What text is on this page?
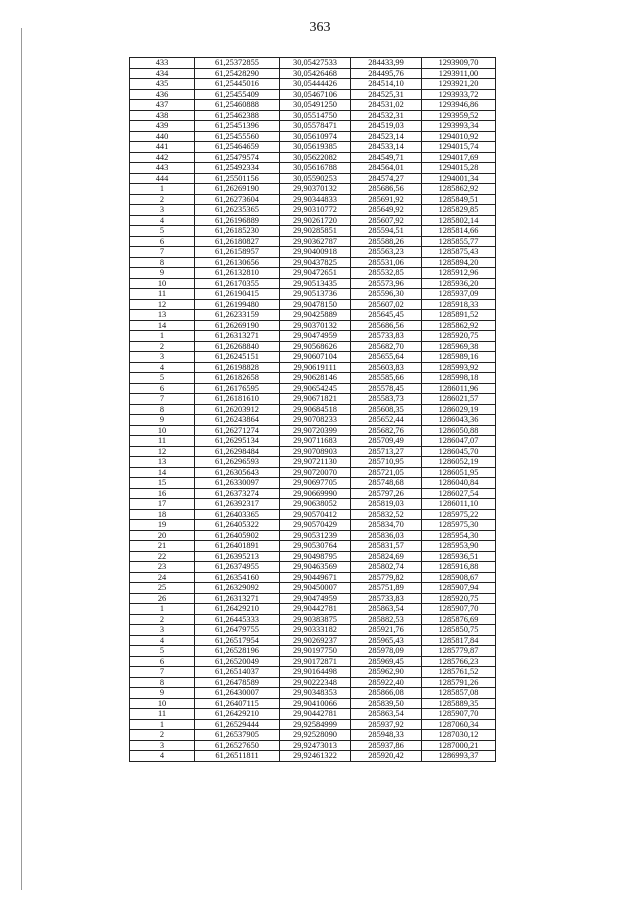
363
433	61,25372855	30,05427533	284433,99	1293909,70
434	61,25428290	30,05426468	284495,76	1293911,00
435	61,25445016	30,05444426	284514,10	1293921,20
436	61,25455409	30,05467106	284525,31	1293933,72
437	61,25460888	30,05491250	284531,02	1293946,86
438	61,25462388	30,05514750	284532,31	1293959,52
439	61,25451396	30,05578471	284519,03	1293993,34
440	61,25455560	30,05610974	284523,14	1294010,92
441	61,25464659	30,05619385	284533,14	1294015,74
442	61,25479574	30,05622082	284549,71	1294017,69
443	61,25492334	30,05616788	284564,01	1294015,28
444	61,25501156	30,05590253	284574,27	1294001,34
1	61,26269190	29,90370132	285686,56	1285862,92
2	61,26273604	29,90344833	285691,92	1285849,51
3	61,26235365	29,90310772	285649,92	1285829,85
4	61,26196889	29,90261720	285607,92	1285802,14
5	61,26185230	29,90285851	285594,51	1285814,66
6	61,26180827	29,90362787	285588,26	1285855,77
7	61,26158957	29,90400918	285563,23	1285875,43
8	61,26130656	29,90437825	285531,06	1285894,20
9	61,26132810	29,90472651	285532,85	1285912,96
10	61,26170355	29,90513435	285573,96	1285936,20
11	61,26190415	29,90513736	285596,30	1285937,09
12	61,26199480	29,90478150	285607,02	1285918,33
13	61,26233159	29,90425889	285645,45	1285891,52
14	61,26269190	29,90370132	285686,56	1285862,92
1	61,26313271	29,90474959	285733,83	1285920,75
2	61,26268840	29,90568626	285682,70	1285969,38
3	61,26245151	29,90607104	285655,64	1285989,16
4	61,26198828	29,90619111	285603,83	1285993,92
5	61,26182658	29,90628146	285585,66	1285998,18
6	61,26176595	29,90654245	285578,45	1286011,96
7	61,26181610	29,90671821	285583,73	1286021,57
8	61,26203912	29,90684518	285608,35	1286029,19
9	61,26243864	29,90708233	285652,44	1286043,36
10	61,26271274	29,90720399	285682,76	1286050,88
11	61,26295134	29,90711683	285709,49	1286047,07
12	61,26298484	29,90708903	285713,27	1286045,70
13	61,26296593	29,90721130	285710,95	1286052,19
14	61,26305643	29,90720070	285721,05	1286051,95
15	61,26330097	29,90697705	285748,68	1286040,84
16	61,26373274	29,90669990	285797,26	1286027,54
17	61,26392317	29,90638052	285819,03	1286011,10
18	61,26403365	29,90570412	285832,52	1285975,22
19	61,26405322	29,90570429	285834,70	1285975,30
20	61,26405902	29,90531239	285836,03	1285954,30
21	61,26401891	29,90530764	285831,57	1285953,90
22	61,26395213	29,90498795	285824,69	1285936,51
23	61,26374955	29,90463569	285802,74	1285916,88
24	61,26354160	29,90449671	285779,82	1285908,67
25	61,26329092	29,90450007	285751,89	1285907,94
26	61,26313271	29,90474959	285733,83	1285920,75
1	61,26429210	29,90442781	285863,54	1285907,70
2	61,26445333	29,90383875	285882,53	1285876,69
3	61,26479755	29,90333182	285921,76	1285850,75
4	61,26517954	29,90269237	285965,43	1285817,84
5	61,26528196	29,90197750	285978,09	1285779,87
6	61,26520049	29,90172871	285969,45	1285766,23
7	61,26514037	29,90164498	285962,90	1285761,52
8	61,26478589	29,90222348	285922,40	1285791,26
9	61,26430007	29,90348353	285866,08	1285857,08
10	61,26407115	29,90410066	285839,50	1285889,35
11	61,26429210	29,90442781	285863,54	1285907,70
1	61,26529444	29,92584999	285937,92	1287060,34
2	61,26537905	29,92528090	285948,33	1287030,12
3	61,26527650	29,92473013	285937,86	1287000,21
4	61,26511811	29,92461322	285920,42	1286993,37
